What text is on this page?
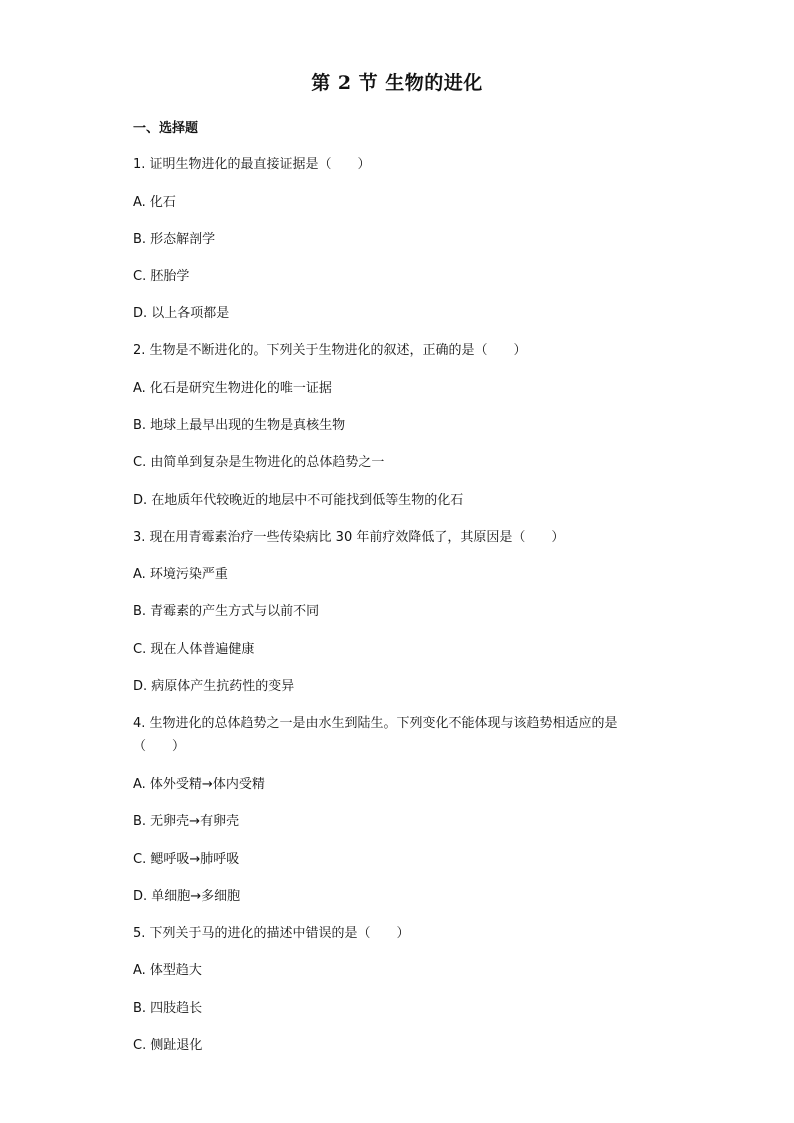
第 2 节 生物的进化
一、选择题
1. 证明生物进化的最直接证据是（　　）
A. 化石
B. 形态解剖学
C. 胚胎学
D. 以上各项都是
2. 生物是不断进化的。下列关于生物进化的叙述，正确的是（　　）
A. 化石是研究生物进化的唯一证据
B. 地球上最早出现的生物是真核生物
C. 由简单到复杂是生物进化的总体趋势之一
D. 在地质年代较晚近的地层中不可能找到低等生物的化石
3. 现在用青霉素治疗一些传染病比 30 年前疗效降低了，其原因是（　　）
A. 环境污染严重
B. 青霉素的产生方式与以前不同
C. 现在人体普遍健康
D. 病原体产生抗药性的变异
4. 生物进化的总体趋势之一是由水生到陆生。下列变化不能体现与该趋势相适应的是
（　　）
A. 体外受精→体内受精
B. 无卵壳→有卵壳
C. 鳃呼吸→肺呼吸
D. 单细胞→多细胞
5. 下列关于马的进化的描述中错误的是（　　）
A. 体型趋大
B. 四肢趋长
C. 侧趾退化
